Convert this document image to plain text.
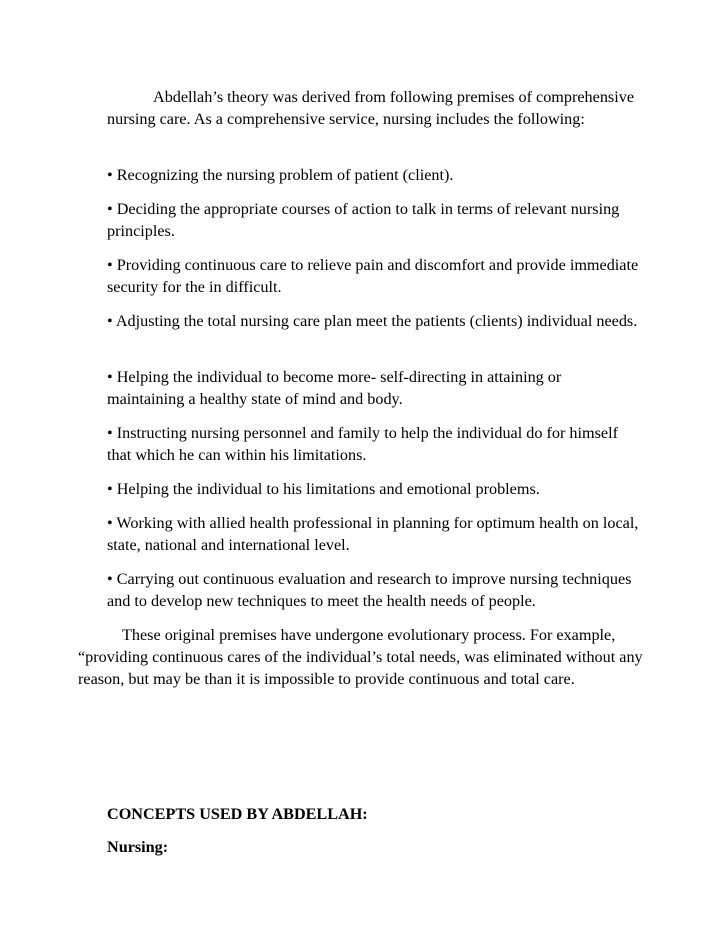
Abdellah’s theory was derived from following premises of comprehensive nursing care. As a comprehensive service, nursing includes the following:

• Recognizing the nursing problem of patient (client).

• Deciding the appropriate courses of action to talk in terms of relevant nursing principles.

• Providing continuous care to relieve pain and discomfort and provide immediate security for the in difficult.

• Adjusting the total nursing care plan meet the patients (clients) individual needs.

• Helping the individual to become more- self-directing in attaining or maintaining a healthy state of mind and body.

• Instructing nursing personnel and family to help the individual do for himself that which he can within his limitations.

• Helping the individual to his limitations and emotional problems.

• Working with allied health professional in planning for optimum health on local, state, national and international level.

• Carrying out continuous evaluation and research to improve nursing techniques and to develop new techniques to meet the health needs of people.

These original premises have undergone evolutionary process. For example, “providing continuous cares of the individual’s total needs, was eliminated without any reason, but may be than it is impossible to provide continuous and total care.

CONCEPTS USED BY ABDELLAH:

Nursing:
